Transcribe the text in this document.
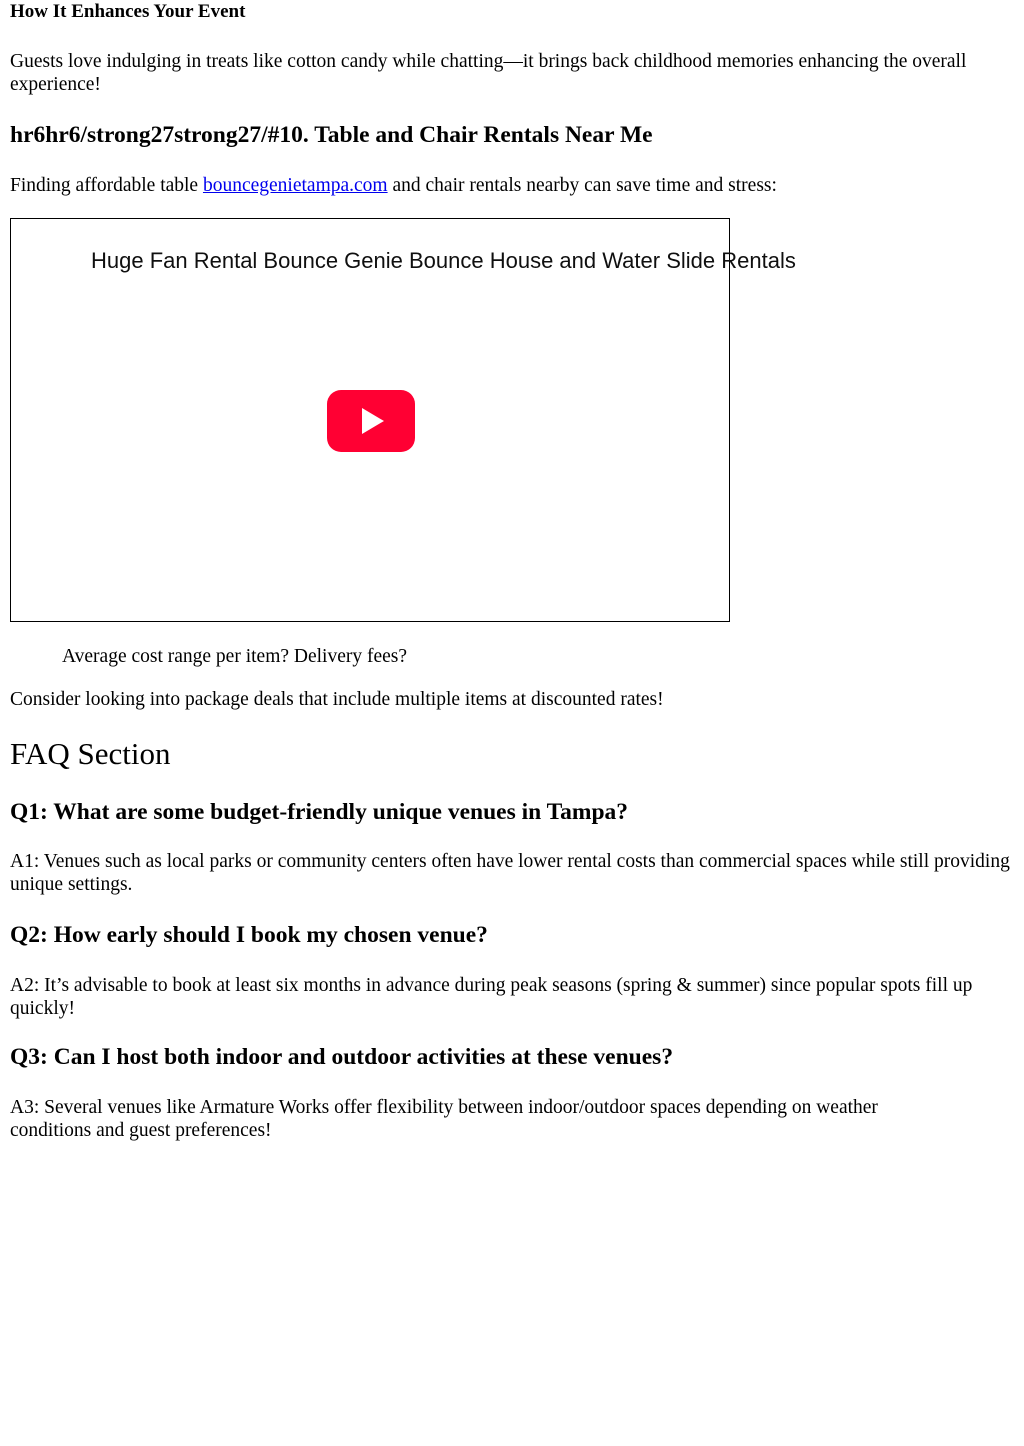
How It Enhances Your Event

Guests love indulging in treats like cotton candy while chatting—it brings back childhood memories enhancing the overall experience!

hr6hr6/strong27strong27/#10. Table and Chair Rentals Near Me

Finding affordable table bouncegenietampa.com and chair rentals nearby can save time and stress:

Huge Fan Rental Bounce Genie Bounce House and Water Slide Rentals

Average cost range per item? Delivery fees?

Consider looking into package deals that include multiple items at discounted rates!

FAQ Section
Q1: What are some budget-friendly unique venues in Tampa?

A1: Venues such as local parks or community centers often have lower rental costs than commercial spaces while still providing unique settings.

Q2: How early should I book my chosen venue?

A2: It’s advisable to book at least six months in advance during peak seasons (spring & summer) since popular spots fill up quickly!

Q3: Can I host both indoor and outdoor activities at these venues?

A3: Several venues like Armature Works offer flexibility between indoor/outdoor spaces depending on weather conditions and guest preferences!
